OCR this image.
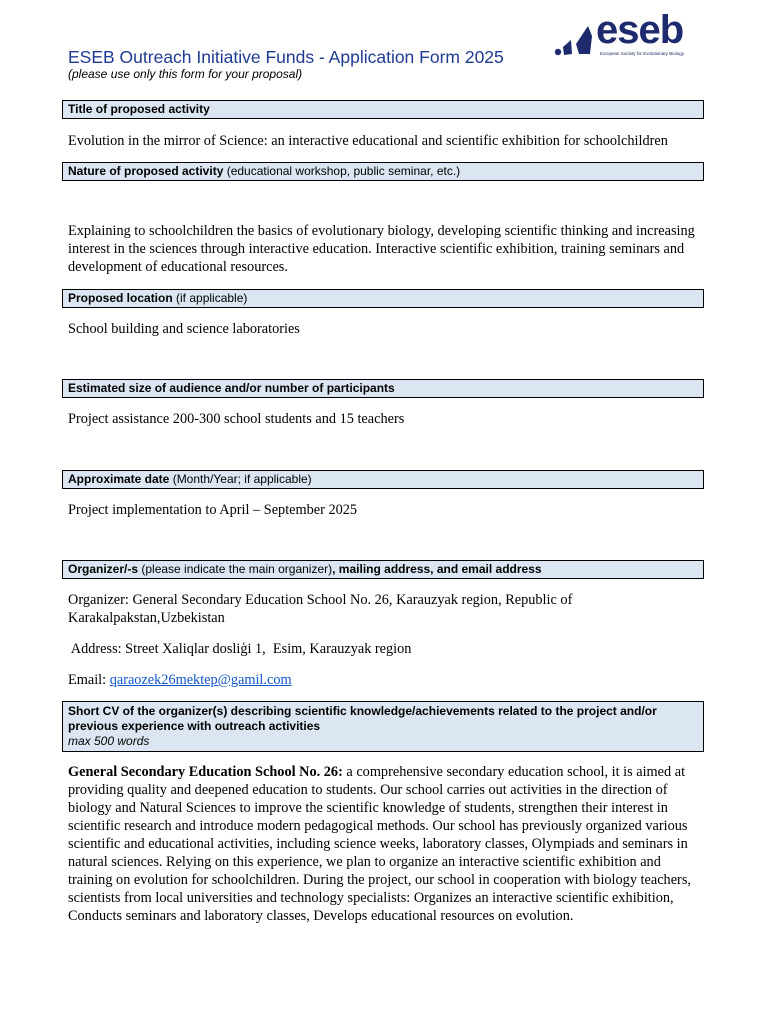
ESEB Outreach Initiative Funds - Application Form 2025
(please use only this form for your proposal)
eseb
European Society for Evolutionary Biology
Title of proposed activity
Evolution in the mirror of Science: an interactive educational and scientific exhibition for schoolchildren
Nature of proposed activity (educational workshop, public seminar, etc.)
Explaining to schoolchildren the basics of evolutionary biology, developing scientific thinking and increasing interest in the sciences through interactive education. Interactive scientific exhibition, training seminars and development of educational resources.
Proposed location (if applicable)
School building and science laboratories
Estimated size of audience and/or number of participants
Project assistance 200-300 school students and 15 teachers
Approximate date (Month/Year; if applicable)
Project implementation to April – September 2025
Organizer/-s (please indicate the main organizer), mailing address, and email address
Organizer: General Secondary Education School No. 26, Karauzyak region, Republic of Karakalpakstan,Uzbekistan
Address: Street Xaliqlar dosliģi 1,  Esim, Karauzyak region
Email: qaraozek26mektep@gamil.com
Short CV of the organizer(s) describing scientific knowledge/achievements related to the project and/or previous experience with outreach activities
max 500 words
General Secondary Education School No. 26: a comprehensive secondary education school, it is aimed at providing quality and deepened education to students. Our school carries out activities in the direction of biology and Natural Sciences to improve the scientific knowledge of students, strengthen their interest in scientific research and introduce modern pedagogical methods. Our school has previously organized various scientific and educational activities, including science weeks, laboratory classes, Olympiads and seminars in natural sciences. Relying on this experience, we plan to organize an interactive scientific exhibition and training on evolution for schoolchildren. During the project, our school in cooperation with biology teachers, scientists from local universities and technology specialists: Organizes an interactive scientific exhibition, Conducts seminars and laboratory classes, Develops educational resources on evolution.
